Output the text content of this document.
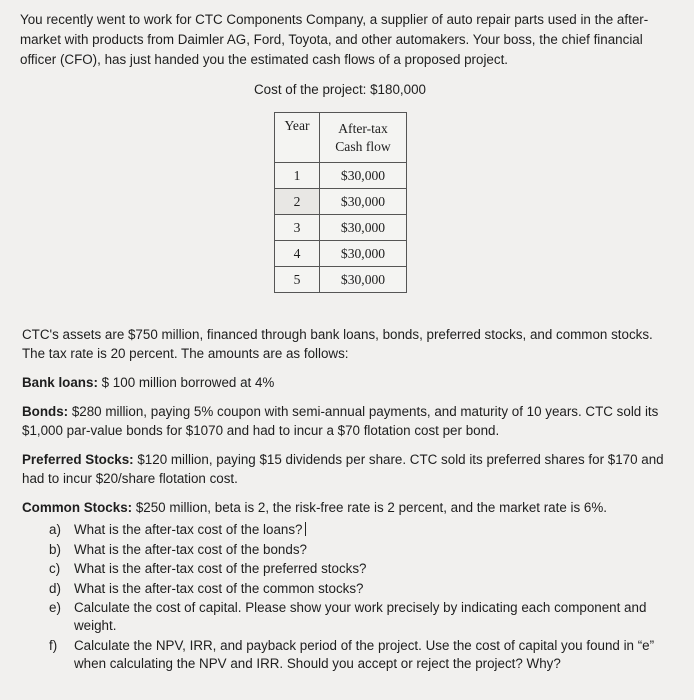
You recently went to work for CTC Components Company, a supplier of auto repair parts used in the after-market with products from Daimler AG, Ford, Toyota, and other automakers. Your boss, the chief financial officer (CFO), has just handed you the estimated cash flows of a proposed project.

Cost of the project: $180,000

Year	After-tax
Cash flow
1	$30,000
2	$30,000
3	$30,000
4	$30,000
5	$30,000

CTC's assets are $750 million, financed through bank loans, bonds, preferred stocks, and common stocks. The tax rate is 20 percent. The amounts are as follows:

Bank loans: $ 100 million borrowed at 4%

Bonds: $280 million, paying 5% coupon with semi-annual payments, and maturity of 10 years. CTC sold its $1,000 par-value bonds for $1070 and had to incur a $70 flotation cost per bond.

Preferred Stocks: $120 million, paying $15 dividends per share. CTC sold its preferred shares for $170 and had to incur $20/share flotation cost.

Common Stocks: $250 million, beta is 2, the risk-free rate is 2 percent, and the market rate is 6%.

a) What is the after-tax cost of the loans?
b) What is the after-tax cost of the bonds?
c) What is the after-tax cost of the preferred stocks?
d) What is the after-tax cost of the common stocks?
e) Calculate the cost of capital. Please show your work precisely by indicating each component and weight.
f) Calculate the NPV, IRR, and payback period of the project. Use the cost of capital you found in “e” when calculating the NPV and IRR. Should you accept or reject the project? Why?
